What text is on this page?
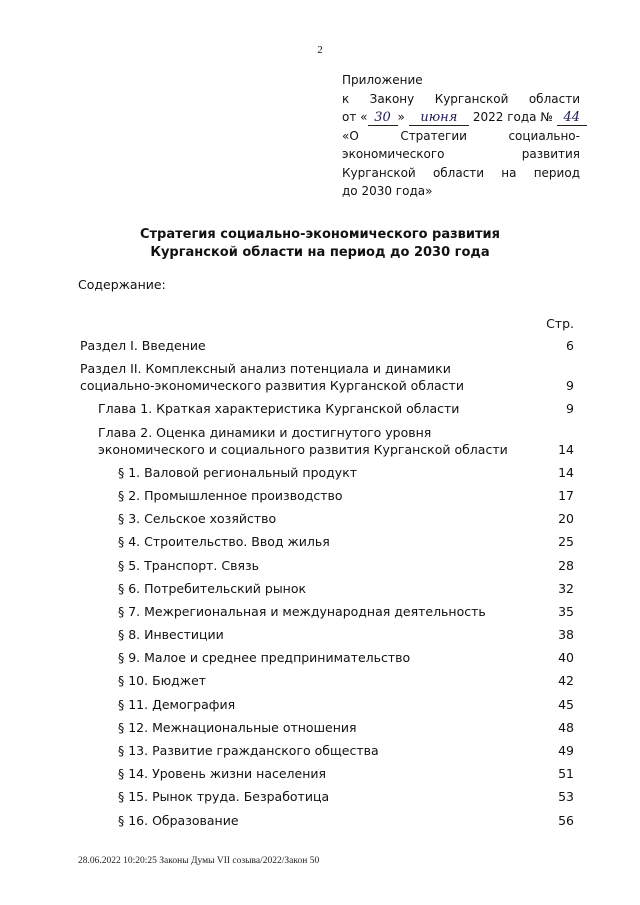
2
Приложение
к Закону Курганской области
от « 30 »	июня	2022 года № 44
«О	Стратегии	социально-
экономического	развития
Курганской области на период
до 2030 года»
Стратегия социально-экономического развития
Курганской области на период до 2030 года
Содержание:
Стр.
Раздел I. Введение	6
Раздел II. Комплексный анализ потенциала и динамики социально-экономического развития Курганской области	9
Глава 1. Краткая характеристика Курганской области	9
Глава 2. Оценка динамики и достигнутого уровня экономического и социального развития Курганской области	14
§ 1. Валовой региональный продукт	14
§ 2. Промышленное производство	17
§ 3. Сельское хозяйство	20
§ 4. Строительство. Ввод жилья	25
§ 5. Транспорт. Связь	28
§ 6. Потребительский рынок	32
§ 7. Межрегиональная и международная деятельность	35
§ 8. Инвестиции	38
§ 9. Малое и среднее предпринимательство	40
§ 10. Бюджет	42
§ 11. Демография	45
§ 12. Межнациональные отношения	48
§ 13. Развитие гражданского общества	49
§ 14. Уровень жизни населения	51
§ 15. Рынок труда. Безработица	53
§ 16. Образование	56
28.06.2022 10:20:25 Законы Думы VII созыва/2022/Закон 50
